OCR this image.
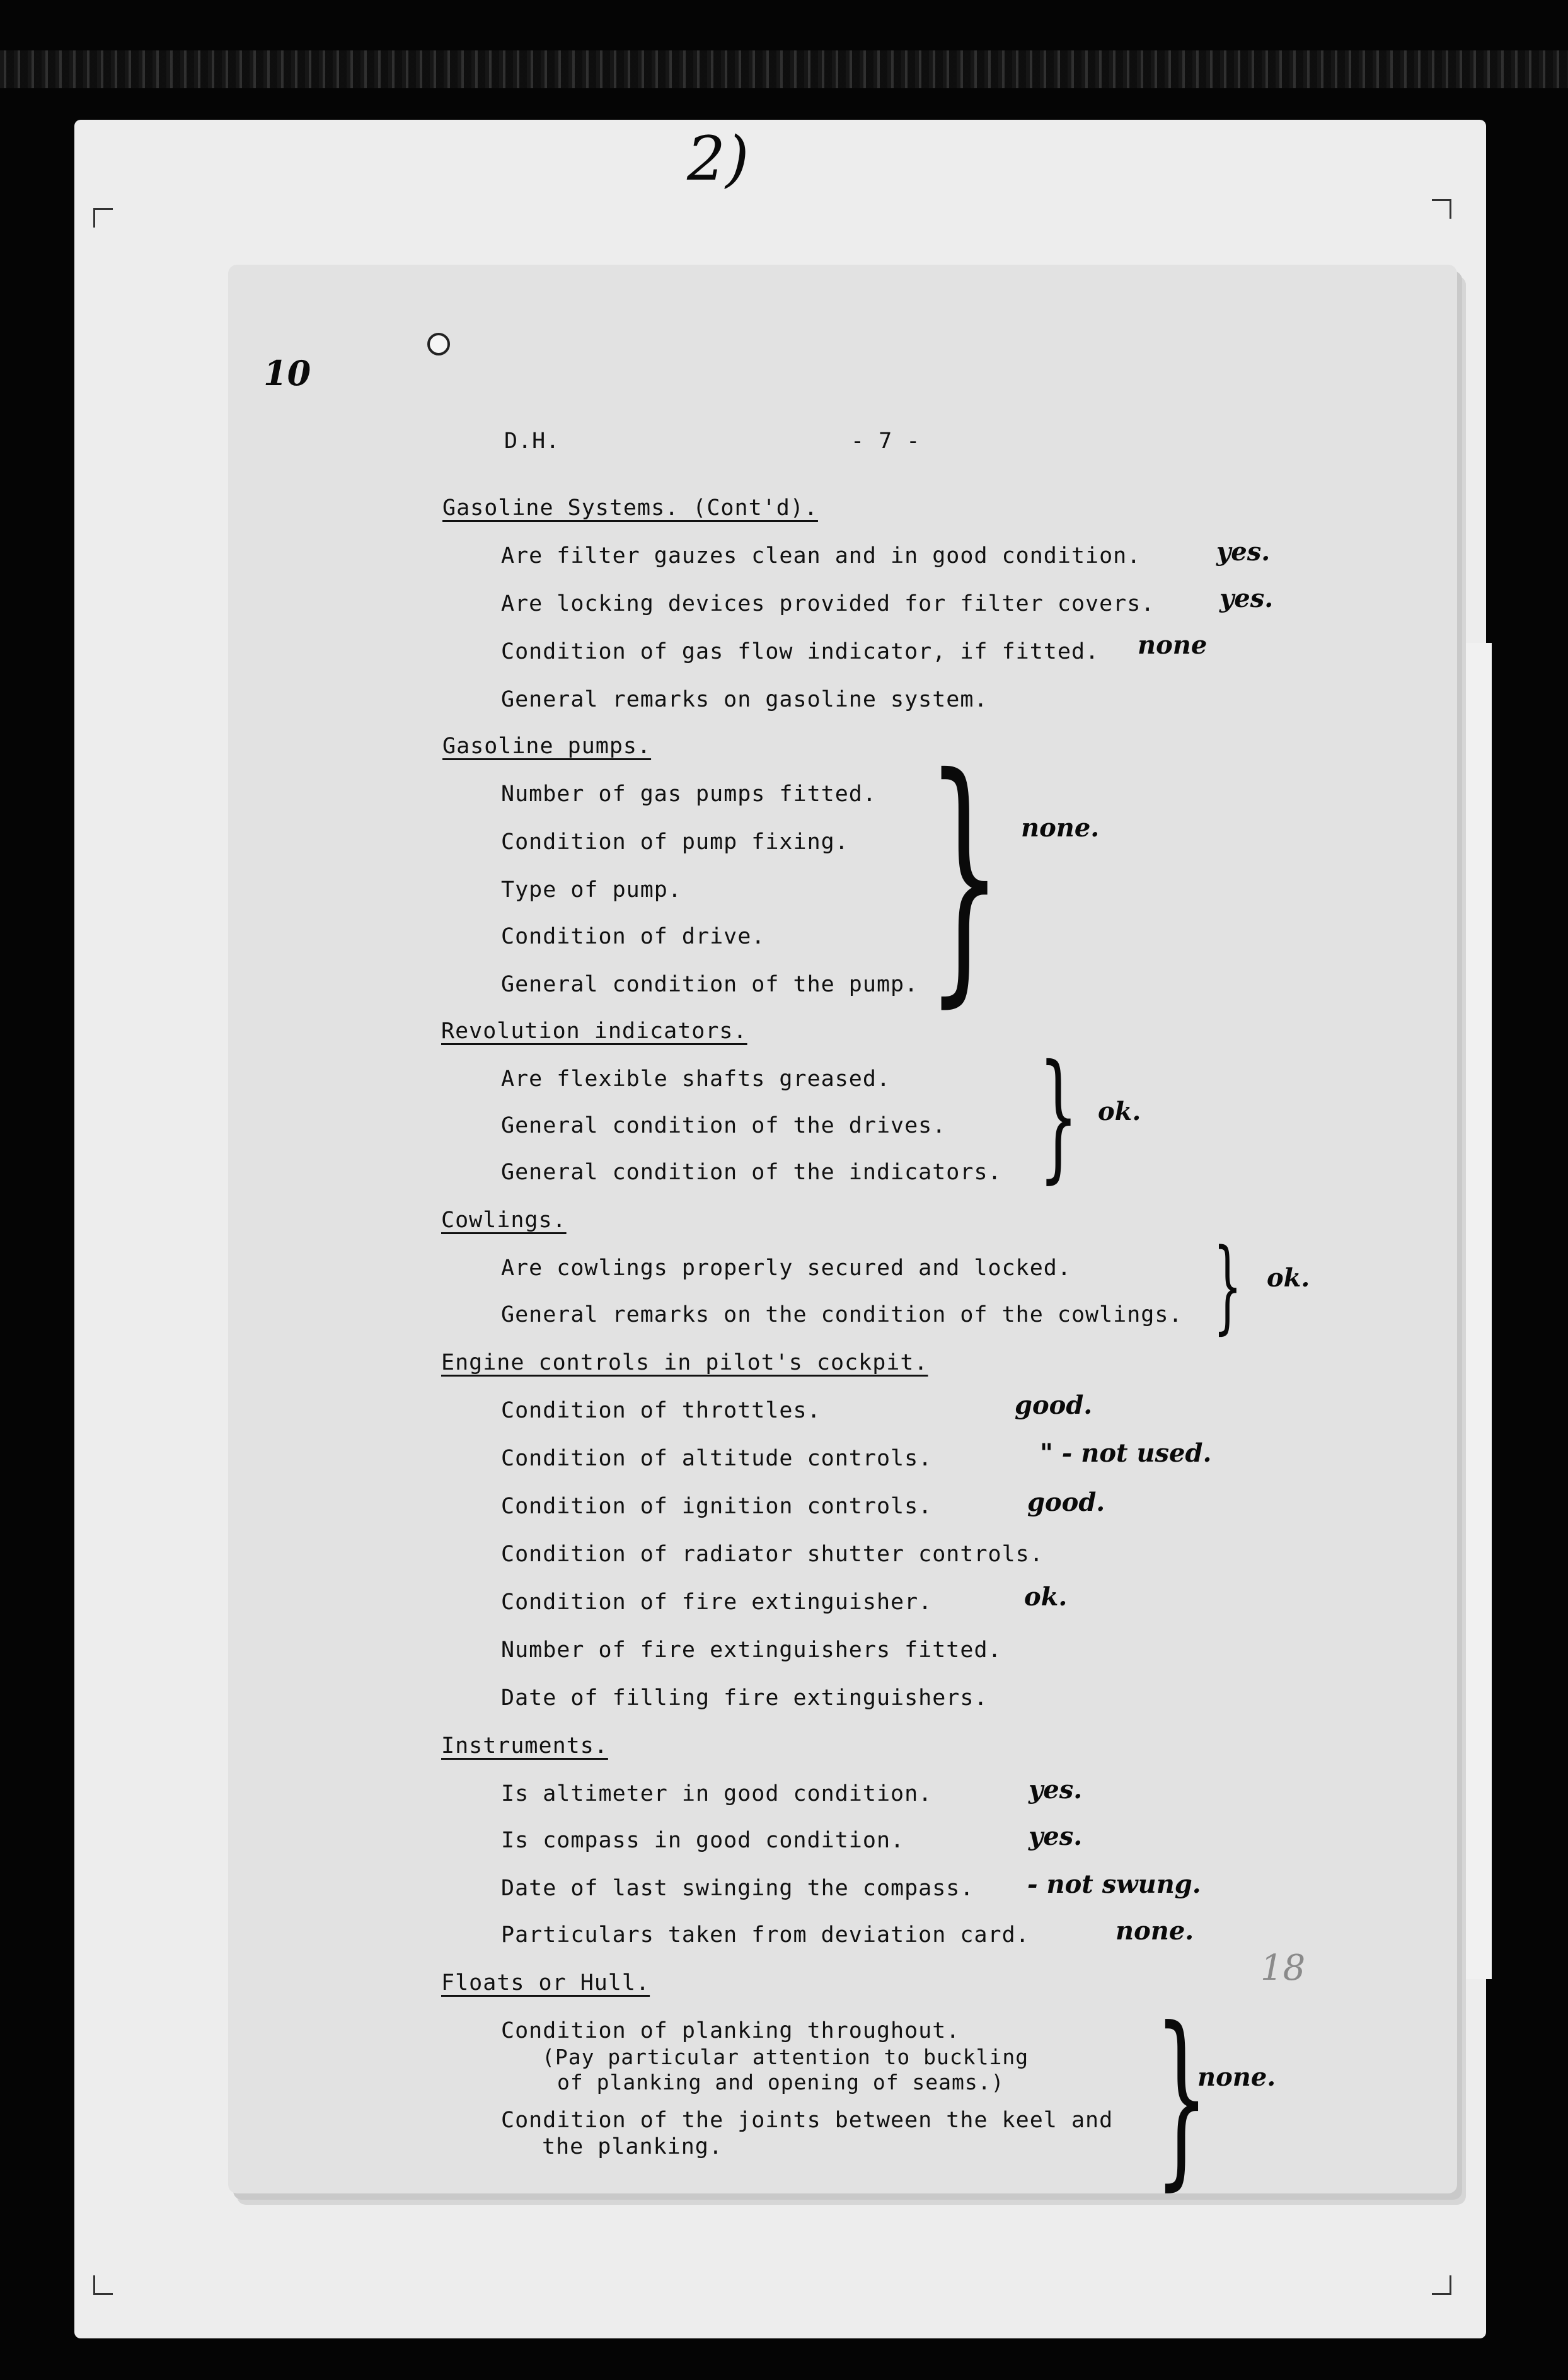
2)
10
D.H.	- 7 -
Gasoline Systems. (Cont'd).
Are filter gauzes clean and in good condition.
Are locking devices provided for filter covers.
Condition of gas flow indicator, if fitted.
General remarks on gasoline system.
yes.
yes.
none
Gasoline pumps.
Number of gas pumps fitted.
Condition of pump fixing.
Type of pump.
Condition of drive.
General condition of the pump. } none.
Revolution indicators.
Are flexible shafts greased.
General condition of the drives.
General condition of the indicators. } ok.
Cowlings.
Are cowlings properly secured and locked.
General remarks on the condition of the cowlings. } ok.
Engine controls in pilot's cockpit.
Condition of throttles.
Condition of altitude controls.
Condition of ignition controls.
Condition of radiator shutter controls.
Condition of fire extinguisher.
Number of fire extinguishers fitted.
Date of filling fire extinguishers.
good.
" - not used.
good.
ok.
Instruments.
Is altimeter in good condition.
Is compass in good condition.
Date of last swinging the compass.
Particulars taken from deviation card.
yes.
yes.
- not swung.
none.
18
Floats or Hull.
Condition of planking throughout.
(Pay particular attention to buckling
of planking and opening of seams.)
Condition of the joints between the keel and
the planking. }
none.
